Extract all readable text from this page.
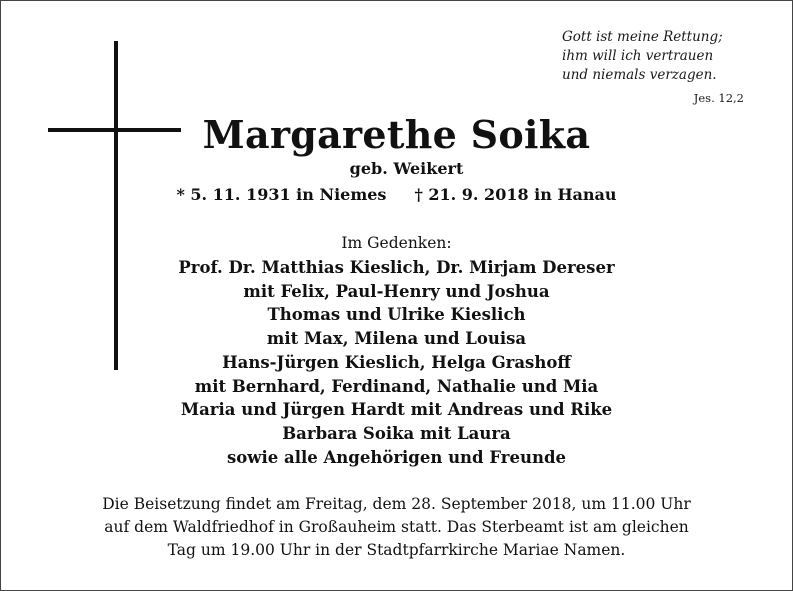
Gott ist meine Rettung;
ihm will ich vertrauen
und niemals verzagen.
Jes. 12,2
Margarethe Soika
geb. Weikert
* 5. 11. 1931 in Niemes † 21. 9. 2018 in Hanau
Im Gedenken:
Prof. Dr. Matthias Kieslich, Dr. Mirjam Dereser
mit Felix, Paul-Henry und Joshua
Thomas und Ulrike Kieslich
mit Max, Milena und Louisa
Hans-Jürgen Kieslich, Helga Grashoff
mit Bernhard, Ferdinand, Nathalie und Mia
Maria und Jürgen Hardt mit Andreas und Rike
Barbara Soika mit Laura
sowie alle Angehörigen und Freunde
Die Beisetzung findet am Freitag, dem 28. September 2018, um 11.00 Uhr
auf dem Waldfriedhof in Großauheim statt. Das Sterbeamt ist am gleichen
Tag um 19.00 Uhr in der Stadtpfarrkirche Mariae Namen.
